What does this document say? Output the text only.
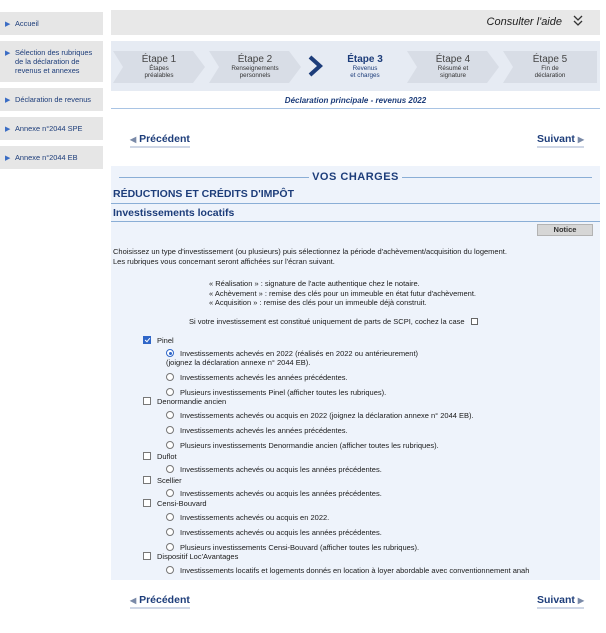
▶ Accueil
▶ Sélection des rubriques de la déclaration de revenus et annexes
▶ Déclaration de revenus
▶ Annexe n°2044 SPE
▶ Annexe n°2044 EB
Consulter l'aide
Étape 1
Étapes
préalables
Étape 2
Renseignements
personnels
Étape 3
Revenus
et charges
Étape 4
Résumé et
signature
Étape 5
Fin de
déclaration
Déclaration principale - revenus 2022
◀ Précédent	Suivant ▶
VOS CHARGES
RÉDUCTIONS ET CRÉDITS D'IMPÔT
Investissements locatifs
Notice
Choisissez un type d'investissement (ou plusieurs) puis sélectionnez la période d'achèvement/acquisition du logement.
Les rubriques vous concernant seront affichées sur l'écran suivant.
« Réalisation » : signature de l'acte authentique chez le notaire.
« Achèvement » : remise des clés pour un immeuble en état futur d'achèvement.
« Acquisition » : remise des clés pour un immeuble déjà construit.
Si votre investissement est constitué uniquement de parts de SCPI, cochez la case
Pinel
Investissements achevés en 2022 (réalisés en 2022 ou antérieurement)
(joignez la déclaration annexe n° 2044 EB).
Investissements achevés les années précédentes.
Plusieurs investissements Pinel (afficher toutes les rubriques).
Denormandie ancien
Investissements achevés ou acquis en 2022 (joignez la déclaration annexe n° 2044 EB).
Investissements achevés les années précédentes.
Plusieurs investissements Denormandie ancien (afficher toutes les rubriques).
Duflot
Investissements achevés ou acquis les années précédentes.
Scellier
Investissements achevés ou acquis les années précédentes.
Censi-Bouvard
Investissements achevés ou acquis en 2022.
Investissements achevés ou acquis les années précédentes.
Plusieurs investissements Censi-Bouvard (afficher toutes les rubriques).
Dispositif Loc'Avantages
Investissements locatifs et logements donnés en location à loyer abordable avec conventionnement anah
◀ Précédent	Suivant ▶
